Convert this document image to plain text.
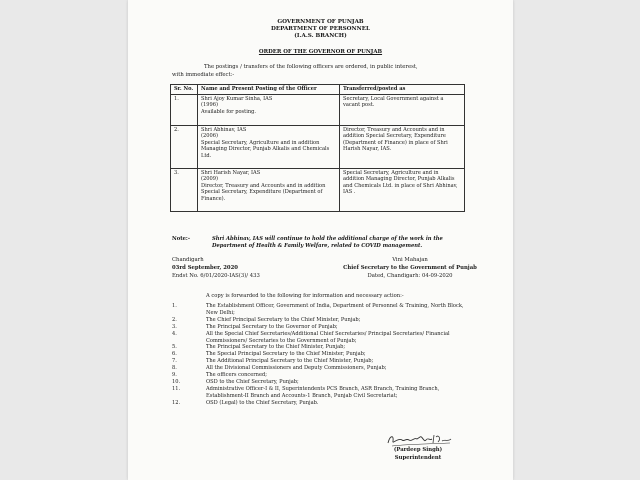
GOVERNMENT OF PUNJAB
DEPARTMENT OF PERSONNEL
(I.A.S. BRANCH)
ORDER OF THE GOVERNOR OF PUNJAB
The postings / transfers of the following officers are ordered, in public interest,
with immediate effect:-
Sr. No.	Name and Present Posting of the Officer	Transferred/posted as
1.	Shri Ajoy Kumar Sinha, IAS
(1996)
Available for posting.	Secretary, Local Government against a vacant post.
2.	Shri Abhinav, IAS
(2006)
Special Secretary, Agriculture and in addition Managing Director, Punjab Alkalis and Chemicals Ltd.	Director, Treasury and Accounts and in addition Special Secretary, Expenditure (Department of Finance) in place of Shri Harish Nayar, IAS.
3.	Shri Harish Nayar, IAS
(2009)
Director, Treasury and Accounts and in addition Special Secretary, Expenditure (Department of Finance).	Special Secretary, Agriculture and in addition Managing Director, Punjab Alkalis and Chemicals Ltd. in place of Shri Abhinav, IAS .
Note:-	Shri Abhinav, IAS will continue to hold the additional charge of the work in the Department of Health & Family Welfare, related to COVID management.
Chandigarh
03rd September, 2020
Endst No. 6/01/2020-IAS(3)/ 433
Vini Mahajan
Chief Secretary to the Government of Punjab
Dated, Chandigarh: 04-09-2020
A copy is forwarded to the following for information and necessary action:-
1.	The Establishment Officer, Government of India, Department of Personnel & Training, North Block, New Delhi;
2.	The Chief Principal Secretary to the Chief Minister, Punjab;
3.	The Principal Secretary to the Governor of Punjab;
4.	All the Special Chief Secretaries/Additional Chief Secretaries/ Principal Secretaries/ Financial Commissioners/ Secretaries to the Government of Punjab;
5.	The Principal Secretary to the Chief Minister, Punjab;
6.	The Special Principal Secretary to the Chief Minister, Punjab;
7.	The Additional Principal Secretary to the Chief Minister, Punjab;
8.	All the Divisional Commissioners and Deputy Commissioners, Punjab;
9.	The officers concerned;
10.	OSD to the Chief Secretary, Punjab;
11.	Administrative Officer-I & II, Superintendents PCS Branch, ASR Branch, Training Branch, Establishment-II Branch and Accounts-1 Branch, Punjab Civil Secretariat;
12.	OSD (Legal) to the Chief Secretary, Punjab.
(Pardeep Singh)
Superintendent
